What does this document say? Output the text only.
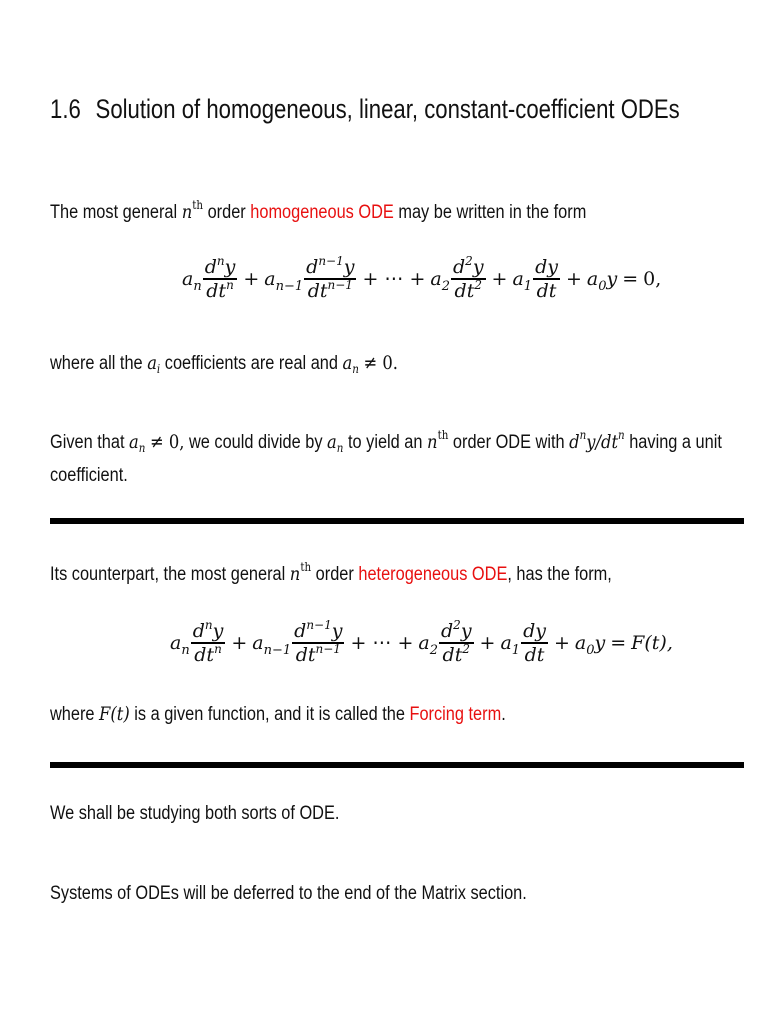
1.6 Solution of homogeneous, linear, constant-coefficient ODEs
The most general $n^{th}$ order homogeneous ODE may be written in the form
$a_n \frac{d^ny}{dt^n} + a_{n-1} \frac{d^{n-1}y}{dt^{n-1}}$ + ⋯ + $a_2 \frac{d^2y}{dt^2} + a_1 \frac{dy}{dt} + a_0y = 0$,
where all the $a_i$ coefficients are real and $a_n \ne 0$.
Given that $a_n \ne 0$, we could divide by $a_n$ to yield an $n^{th}$ order ODE with $d^ny/dt^n$ having a unit
coefficient.
Its counterpart, the most general $n^{th}$ order heterogeneous ODE, has the form,
$a_n \frac{d^ny}{dt^n} + a_{n-1} \frac{d^{n-1}y}{dt^{n-1}}$ + ⋯ + $a_2 \frac{d^2y}{dt^2} + a_1 \frac{dy}{dt} + a_0y = F(t)$,
where F(t) is a given function, and it is called the Forcing term.
We shall be studying both sorts of ODE.
Systems of ODEs will be deferred to the end of the Matrix section.
